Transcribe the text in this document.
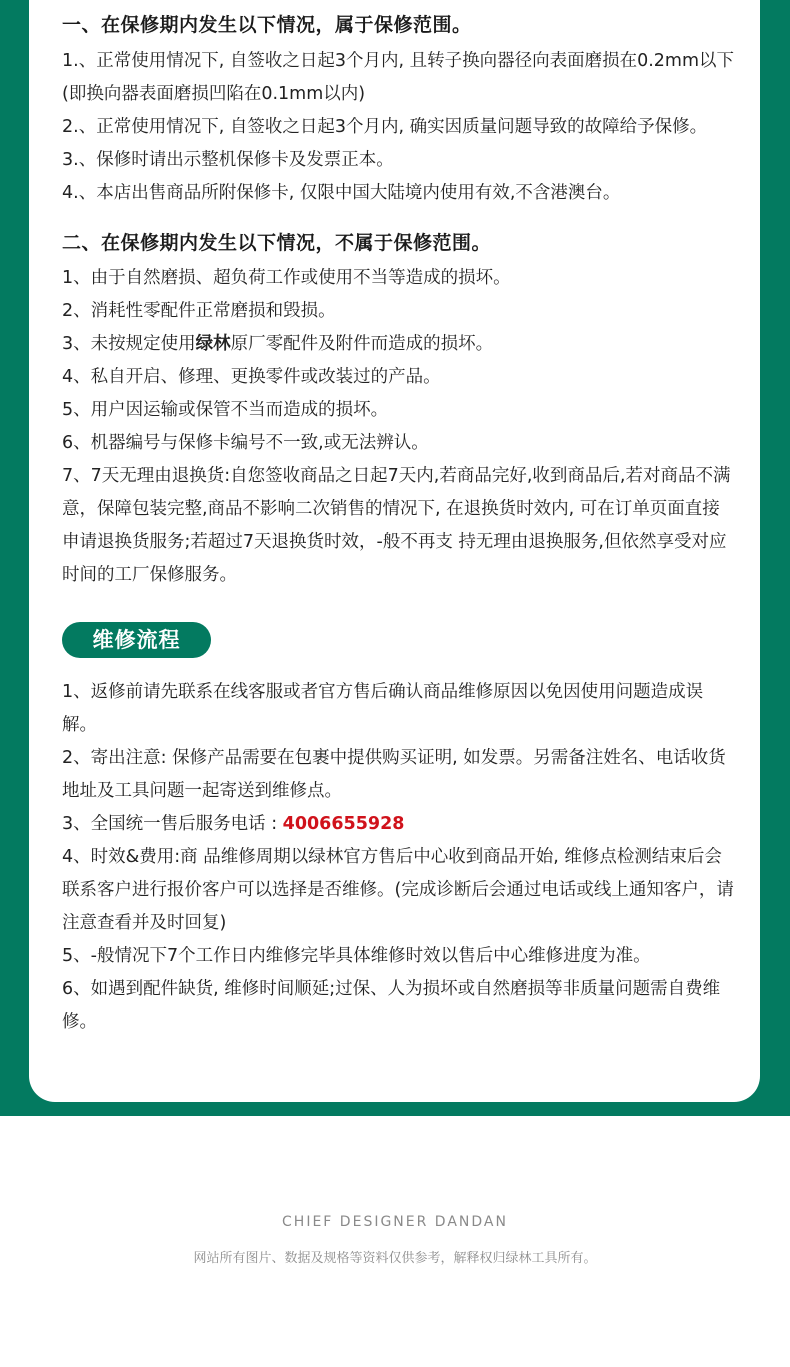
一、在保修期内发生以下情况，属于保修范围。
1.、正常使用情况下, 自签收之日起3个月内, 且转子换向器径向表面磨损在0.2mm以下(即换向器表面磨损凹陷在0.1mm以内)
2.、正常使用情况下, 自签收之日起3个月内, 确实因质量问题导致的故障给予保修。
3.、保修时请出示整机保修卡及发票正本。
4.、本店出售商品所附保修卡, 仅限中国大陆境内使用有效,不含港澳台。
二、在保修期内发生以下情况，不属于保修范围。
1、由于自然磨损、超负荷工作或使用不当等造成的损坏。
2、消耗性零配件正常磨损和毁损。
3、未按规定使用绿林原厂零配件及附件而造成的损坏。
4、私自开启、修理、更换零件或改装过的产品。
5、用户因运输或保管不当而造成的损坏。
6、机器编号与保修卡编号不一致,或无法辨认。
7、7天无理由退换货:自您签收商品之日起7天内,若商品完好,收到商品后,若对商品不满意，保障包装完整,商品不影响二次销售的情况下, 在退换货时效内, 可在订单页面直接申请退换货服务;若超过7天退换货时效，-般不再支 持无理由退换服务,但依然享受对应时间的工厂保修服务。
维修流程
1、返修前请先联系在线客服或者官方售后确认商品维修原因以免因使用问题造成误解。
2、寄出注意: 保修产品需要在包裹中提供购买证明, 如发票。另需备注姓名、电话收货地址及工具问题一起寄送到维修点。
3、全国统一售后服务电话 : 4006655928
4、时效&费用:商 品维修周期以绿林官方售后中心收到商品开始, 维修点检测结束后会联系客户进行报价客户可以选择是否维修。(完成诊断后会通过电话或线上通知客户，请注意查看并及时回复)
5、-般情况下7个工作日内维修完毕具体维修时效以售后中心维修进度为准。
6、如遇到配件缺货, 维修时间顺延;过保、人为损坏或自然磨损等非质量问题需自费维修。
CHIEF DESIGNER DANDAN
网站所有图片、数据及规格等资料仅供参考，解释权归绿林工具所有。
